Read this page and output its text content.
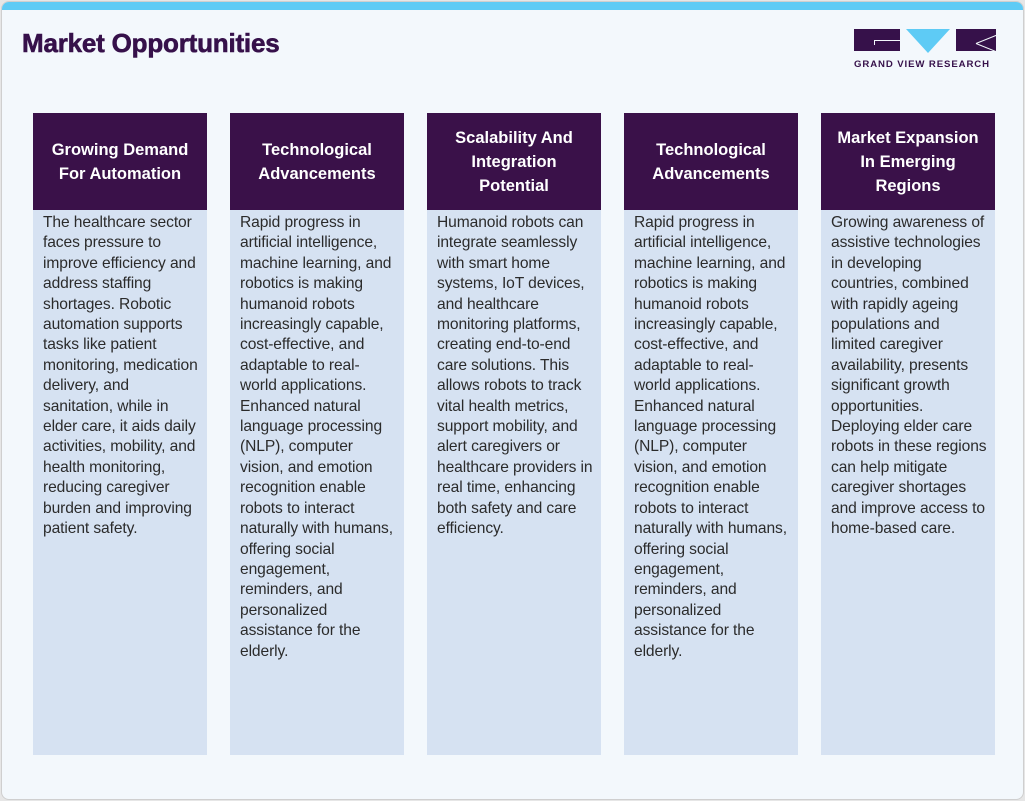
Market Opportunities
GRAND VIEW RESEARCH
Growing Demand For Automation
The healthcare sector faces pressure to improve efficiency and address staffing shortages. Robotic automation supports tasks like patient monitoring, medication delivery, and sanitation, while in elder care, it aids daily activities, mobility, and health monitoring, reducing caregiver burden and improving patient safety.
Technological Advancements
Rapid progress in artificial intelligence, machine learning, and robotics is making humanoid robots increasingly capable, cost-effective, and adaptable to real-world applications. Enhanced natural language processing (NLP), computer vision, and emotion recognition enable robots to interact naturally with humans, offering social engagement, reminders, and personalized assistance for the elderly.
Scalability And Integration Potential
Humanoid robots can integrate seamlessly with smart home systems, IoT devices, and healthcare monitoring platforms, creating end-to-end care solutions. This allows robots to track vital health metrics, support mobility, and alert caregivers or healthcare providers in real time, enhancing both safety and care efficiency.
Technological Advancements
Rapid progress in artificial intelligence, machine learning, and robotics is making humanoid robots increasingly capable, cost-effective, and adaptable to real-world applications. Enhanced natural language processing (NLP), computer vision, and emotion recognition enable robots to interact naturally with humans, offering social engagement, reminders, and personalized assistance for the elderly.
Market Expansion In Emerging Regions
Growing awareness of assistive technologies in developing countries, combined with rapidly ageing populations and limited caregiver availability, presents significant growth opportunities. Deploying elder care robots in these regions can help mitigate caregiver shortages and improve access to home-based care.
